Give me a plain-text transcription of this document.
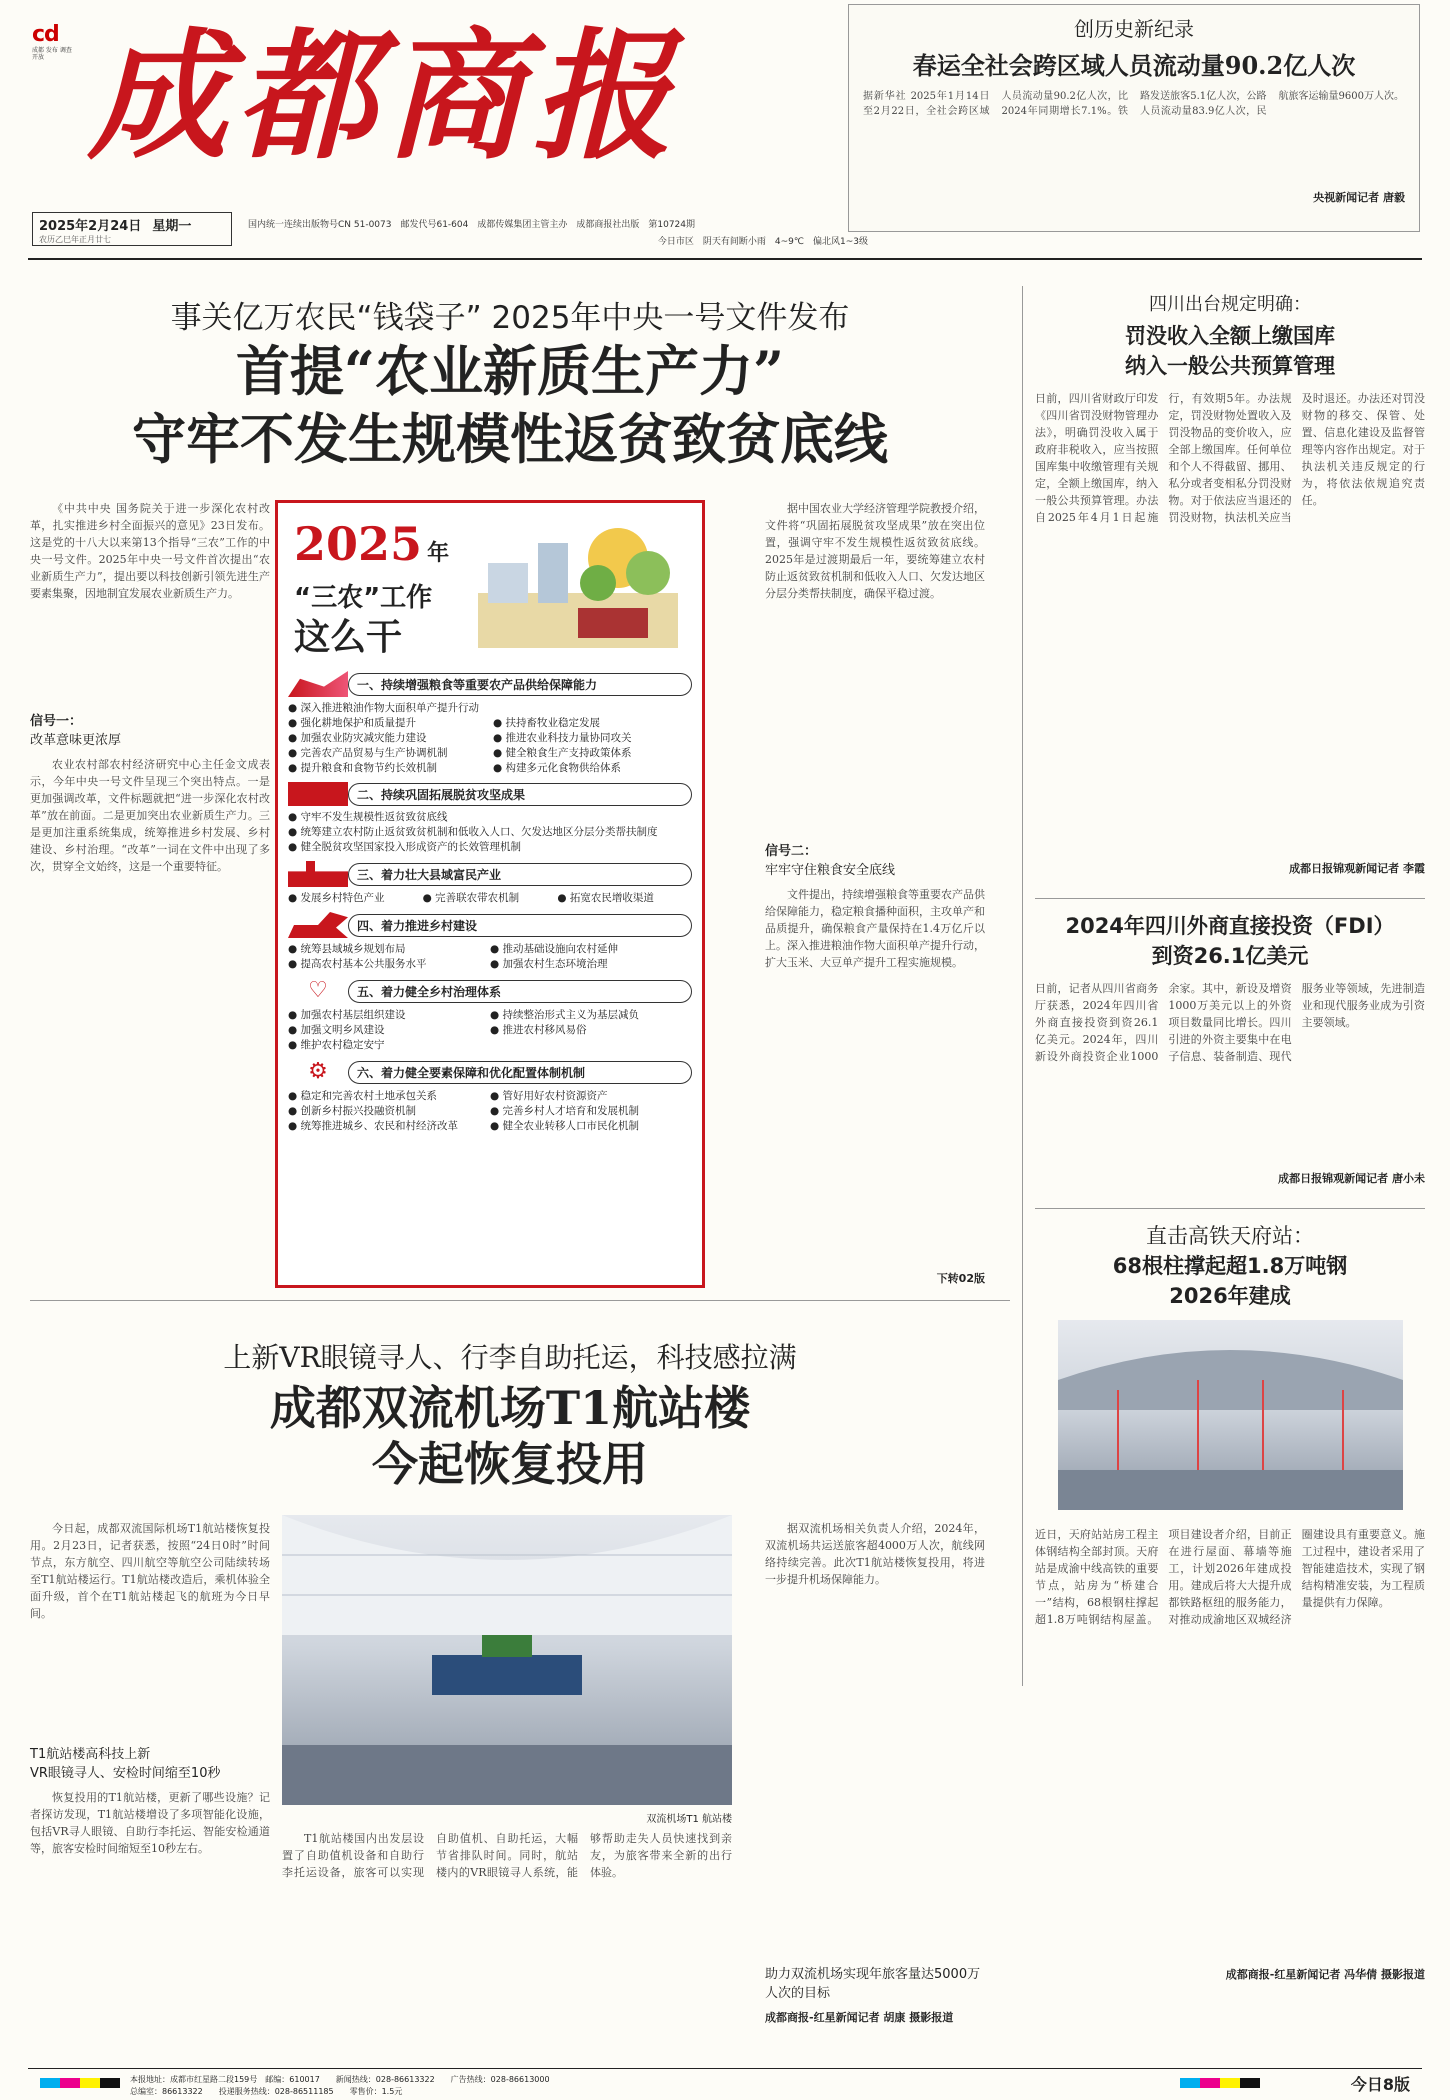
cd
成都 发布 调查 开放 成都商报
2025年2月24日 星期一
农历乙巳年正月廿七
国内统一连续出版物号CN 51-0073　邮发代号61-604　成都传媒集团主管主办　成都商报社出版　第10724期
今日市区　阴天有间断小雨　4~9℃　偏北风1~3级
创历史新纪录
春运全社会跨区域人员流动量90.2亿人次
据新华社 2025年1月14日至2月22日，全社会跨区域人员流动量90.2亿人次，比2024年同期增长7.1%。铁路发送旅客5.1亿人次，公路人员流动量83.9亿人次，民航旅客运输量9600万人次。
央视新闻记者 唐毅
事关亿万农民“钱袋子” 2025年中央一号文件发布
首提“农业新质生产力”
守牢不发生规模性返贫致贫底线
《中共中央 国务院关于进一步深化农村改革，扎实推进乡村全面振兴的意见》23日发布。这是党的十八大以来第13个指导“三农”工作的中央一号文件。2025年中央一号文件首次提出“农业新质生产力”，提出要以科技创新引领先进生产要素集聚，因地制宜发展农业新质生产力。
信号一：
改革意味更浓厚
农业农村部农村经济研究中心主任金文成表示，今年中央一号文件呈现三个突出特点。一是更加强调改革，文件标题就把“进一步深化农村改革”放在前面。二是更加突出农业新质生产力。三是更加注重系统集成，统筹推进乡村发展、乡村建设、乡村治理。“改革”一词在文件中出现了多次，贯穿全文始终，这是一个重要特征。
2025 年
“三农”工作
这么干
一、持续增强粮食等重要农产品供给保障能力
● 深入推进粮油作物大面积单产提升行动
● 强化耕地保护和质量提升	● 扶持畜牧业稳定发展
● 加强农业防灾减灾能力建设	● 推进农业科技力量协同攻关
● 完善农产品贸易与生产协调机制	● 健全粮食生产支持政策体系
● 提升粮食和食物节约长效机制	● 构建多元化食物供给体系
二、持续巩固拓展脱贫攻坚成果
● 守牢不发生规模性返贫致贫底线
● 统筹建立农村防止返贫致贫机制和低收入人口、欠发达地区分层分类帮扶制度
● 健全脱贫攻坚国家投入形成资产的长效管理机制
三、着力壮大县域富民产业
● 发展乡村特色产业	● 完善联农带农机制	● 拓宽农民增收渠道
四、着力推进乡村建设
● 统筹县域城乡规划布局	● 推动基础设施向农村延伸
● 提高农村基本公共服务水平	● 加强农村生态环境治理
♡	五、着力健全乡村治理体系
● 加强农村基层组织建设	● 持续整治形式主义为基层减负
● 加强文明乡风建设	● 推进农村移风易俗
● 维护农村稳定安宁
⚙	六、着力健全要素保障和优化配置体制机制
● 稳定和完善农村土地承包关系	● 管好用好农村资源资产
● 创新乡村振兴投融资机制	● 完善乡村人才培育和发展机制
● 统筹推进城乡、农民和村经济改革	● 健全农业转移人口市民化机制
据中国农业大学经济管理学院教授介绍，文件将“巩固拓展脱贫攻坚成果”放在突出位置，强调守牢不发生规模性返贫致贫底线。2025年是过渡期最后一年，要统筹建立农村防止返贫致贫机制和低收入人口、欠发达地区分层分类帮扶制度，确保平稳过渡。
信号二：
牢牢守住粮食安全底线
文件提出，持续增强粮食等重要农产品供给保障能力，稳定粮食播种面积，主攻单产和品质提升，确保粮食产量保持在1.4万亿斤以上。深入推进粮油作物大面积单产提升行动，扩大玉米、大豆单产提升工程实施规模。
下转02版
四川出台规定明确：
罚没收入全额上缴国库
纳入一般公共预算管理
日前，四川省财政厅印发《四川省罚没财物管理办法》，明确罚没收入属于政府非税收入，应当按照国库集中收缴管理有关规定，全额上缴国库，纳入一般公共预算管理。办法自2025年4月1日起施行，有效期5年。办法规定，罚没财物处置收入及罚没物品的变价收入，应全部上缴国库。任何单位和个人不得截留、挪用、私分或者变相私分罚没财物。对于依法应当退还的罚没财物，执法机关应当及时退还。办法还对罚没财物的移交、保管、处置、信息化建设及监督管理等内容作出规定。对于执法机关违反规定的行为，将依法依规追究责任。
成都日报锦观新闻记者 李霞
2024年四川外商直接投资（FDI）
到资26.1亿美元
日前，记者从四川省商务厅获悉，2024年四川省外商直接投资到资26.1亿美元。2024年，四川新设外商投资企业1000余家。其中，新设及增资1000万美元以上的外资项目数量同比增长。四川引进的外资主要集中在电子信息、装备制造、现代服务业等领域，先进制造业和现代服务业成为引资主要领域。
成都日报锦观新闻记者 唐小未
直击高铁天府站：
68根柱撑起超1.8万吨钢
2026年建成
近日，天府站站房工程主体钢结构全部封顶。天府站是成渝中线高铁的重要节点，站房为“桥建合一”结构，68根钢柱撑起超1.8万吨钢结构屋盖。项目建设者介绍，目前正在进行屋面、幕墙等施工，计划2026年建成投用。建成后将大大提升成都铁路枢纽的服务能力，对推动成渝地区双城经济圈建设具有重要意义。施工过程中，建设者采用了智能建造技术，实现了钢结构精准安装，为工程质量提供有力保障。
成都商报-红星新闻记者 冯华倩 摄影报道
上新VR眼镜寻人、行李自助托运，科技感拉满
成都双流机场T1航站楼
今起恢复投用
今日起，成都双流国际机场T1航站楼恢复投用。2月23日，记者获悉，按照“24日0时”时间节点，东方航空、四川航空等航空公司陆续转场至T1航站楼运行。T1航站楼改造后，乘机体验全面升级，首个在T1航站楼起飞的航班为今日早间。
T1航站楼高科技上新
VR眼镜寻人、安检时间缩至10秒
恢复投用的T1航站楼，更新了哪些设施？记者探访发现，T1航站楼增设了多项智能化设施，包括VR寻人眼镜、自助行李托运、智能安检通道等，旅客安检时间缩短至10秒左右。
双流机场T1 航站楼
T1航站楼国内出发层设置了自助值机设备和自助行李托运设备，旅客可以实现自助值机、自助托运，大幅节省排队时间。同时，航站楼内的VR眼镜寻人系统，能够帮助走失人员快速找到亲友，为旅客带来全新的出行体验。
据双流机场相关负责人介绍，2024年，双流机场共运送旅客超4000万人次，航线网络持续完善。此次T1航站楼恢复投用，将进一步提升机场保障能力。
助力双流机场实现年旅客量达5000万人次的目标
成都商报-红星新闻记者 胡康 摄影报道
本报地址：成都市红星路二段159号　邮编：610017　　新闻热线：028-86613322　　广告热线：028-86613000
总编室：86613322　　投递服务热线：028-86511185　　零售价：1.5元	今日8版
